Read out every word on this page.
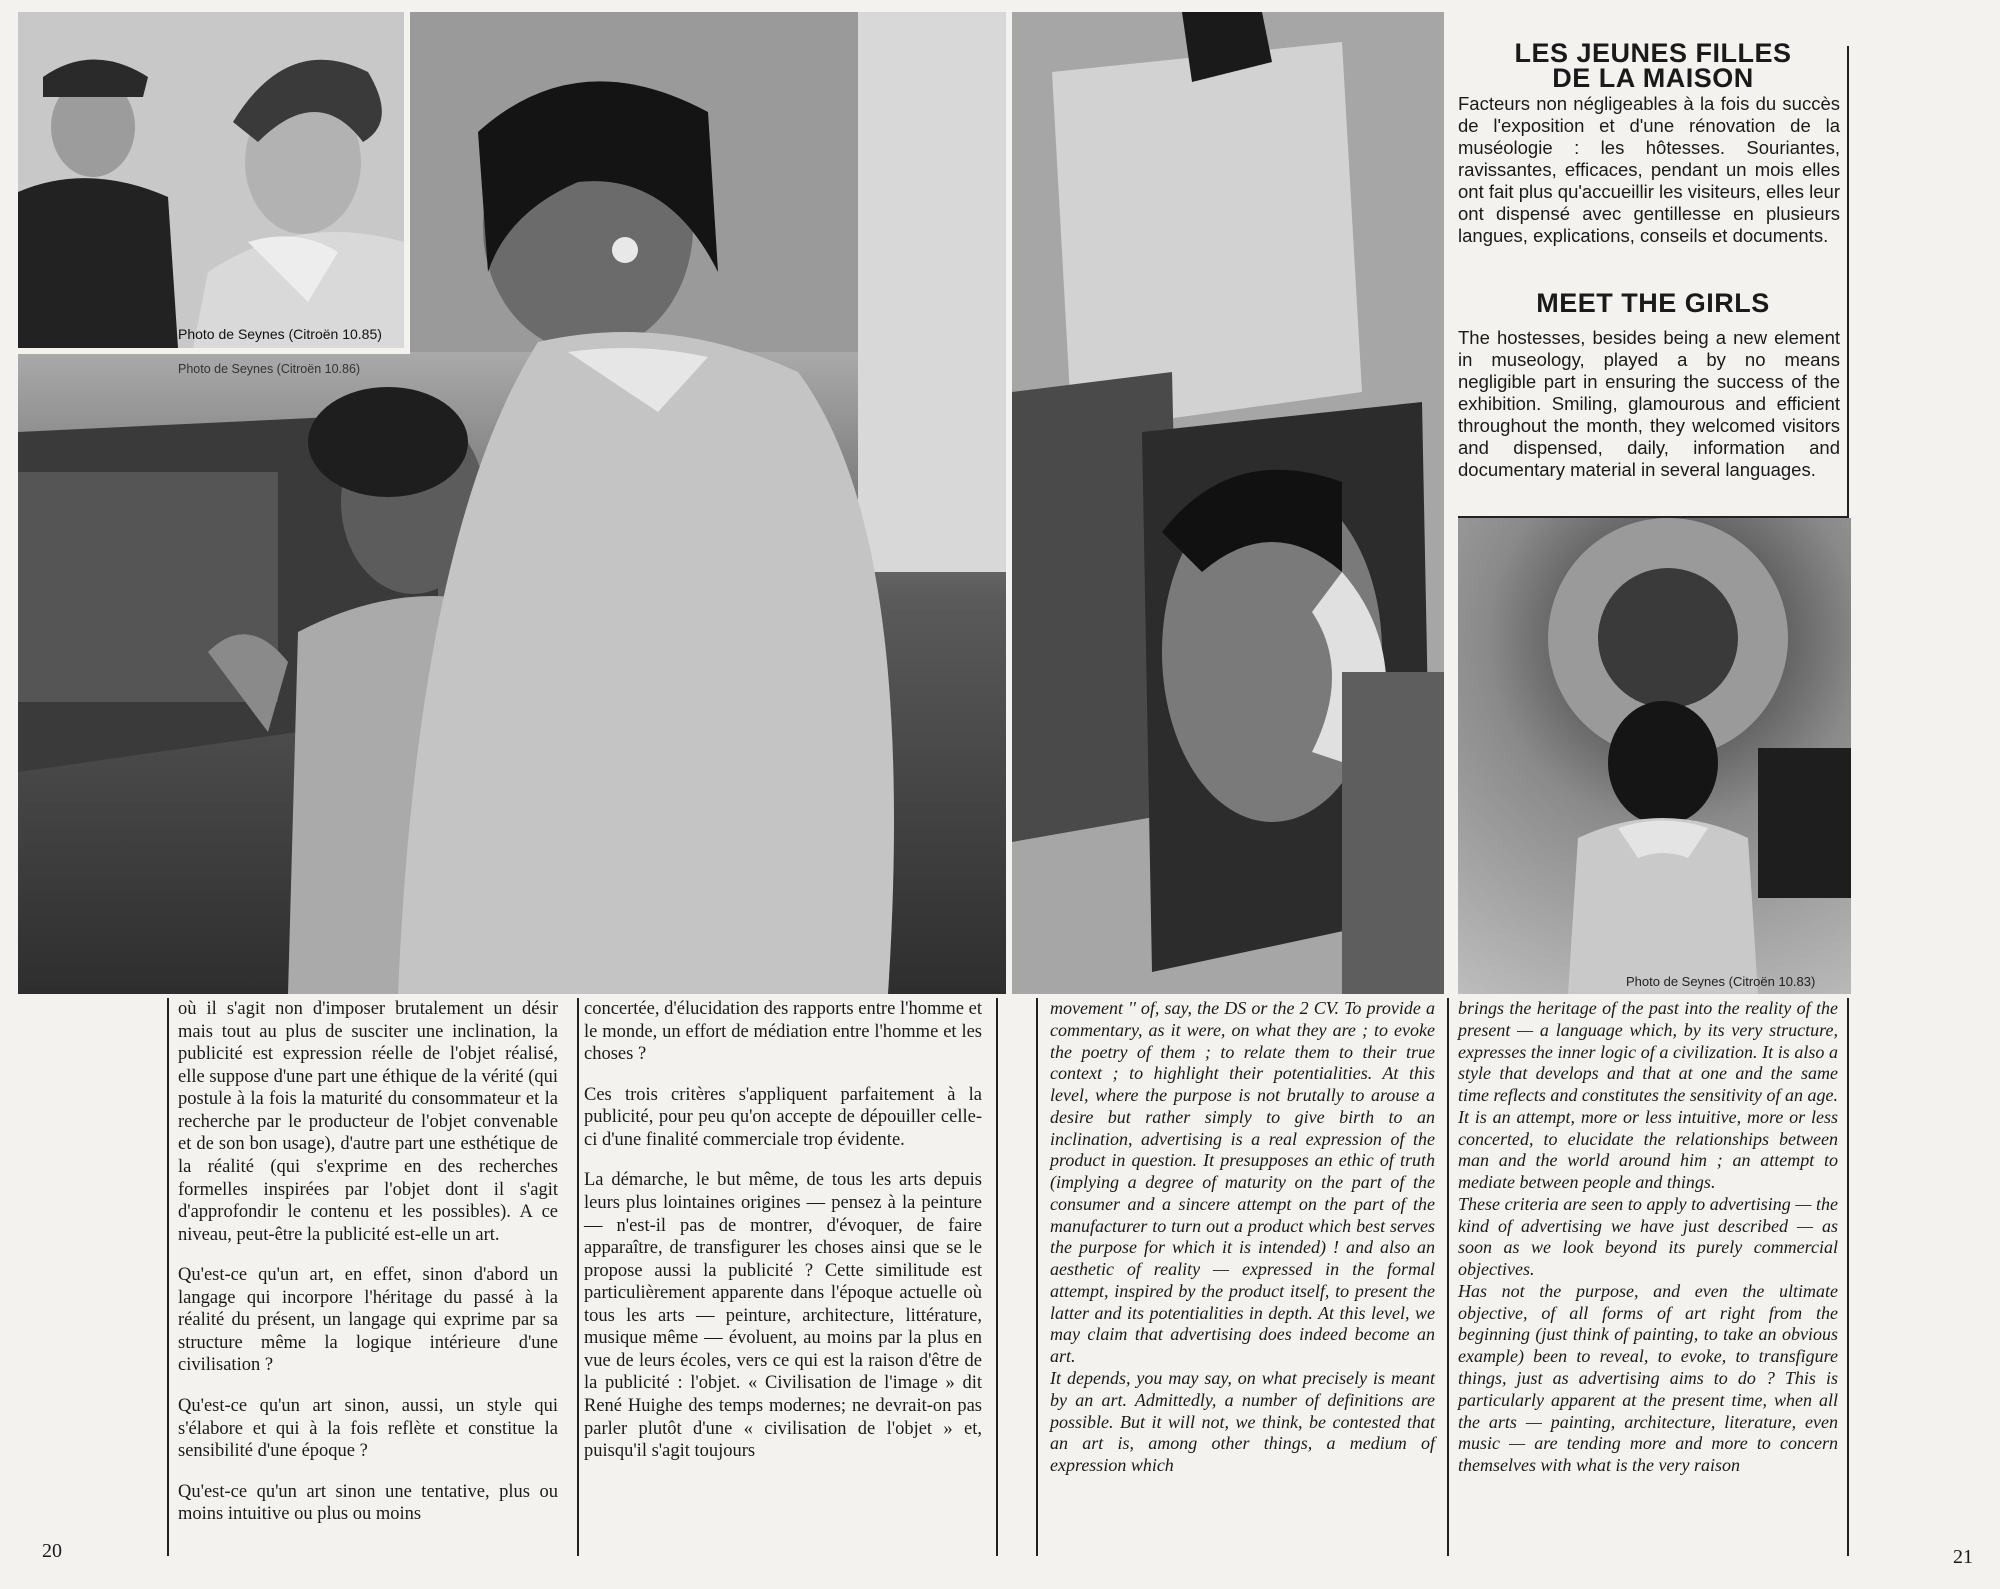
Photo de Seynes (Citroën 10.85)
Photo de Seynes (Citroën 10.86)
Photo de Seynes (Citroën 10.83)
LES JEUNES FILLES
DE LA MAISON

Facteurs non négligeables à la fois du succès de l'exposition et d'une rénovation de la muséologie : les hôtesses. Souriantes, ravissantes, efficaces, pendant un mois elles ont fait plus qu'accueillir les visiteurs, elles leur ont dispensé avec gentillesse en plusieurs langues, explications, conseils et documents.

MEET THE GIRLS

The hostesses, besides being a new element in museology, played a by no means negligible part in ensuring the success of the exhibition. Smiling, glamourous and efficient throughout the month, they welcomed visitors and dispensed, daily, information and documentary material in several languages.

où il s'agit non d'imposer brutalement un désir mais tout au plus de susciter une inclination, la publicité est expression réelle de l'objet réalisé, elle suppose d'une part une éthique de la vérité (qui postule à la fois la maturité du consommateur et la recherche par le producteur de l'objet convenable et de son bon usage), d'autre part une esthétique de la réalité (qui s'exprime en des recherches formelles inspirées par l'objet dont il s'agit d'approfondir le contenu et les possibles). A ce niveau, peut-être la publicité est-elle un art.

Qu'est-ce qu'un art, en effet, sinon d'abord un langage qui incorpore l'héritage du passé à la réalité du présent, un langage qui exprime par sa structure même la logique intérieure d'une civilisation ?

Qu'est-ce qu'un art sinon, aussi, un style qui s'élabore et qui à la fois reflète et constitue la sensibilité d'une époque ?

Qu'est-ce qu'un art sinon une tentative, plus ou moins intuitive ou plus ou moins

concertée, d'élucidation des rapports entre l'homme et le monde, un effort de médiation entre l'homme et les choses ?

Ces trois critères s'appliquent parfaitement à la publicité, pour peu qu'on accepte de dépouiller celle-ci d'une finalité commerciale trop évidente.

La démarche, le but même, de tous les arts depuis leurs plus lointaines origines — pensez à la peinture — n'est-il pas de montrer, d'évoquer, de faire apparaître, de transfigurer les choses ainsi que se le propose aussi la publicité ? Cette similitude est particulièrement apparente dans l'époque actuelle où tous les arts — peinture, architecture, littérature, musique même — évoluent, au moins par la plus en vue de leurs écoles, vers ce qui est la raison d'être de la publicité : l'objet. « Civilisation de l'image » dit René Huighe des temps modernes; ne devrait-on pas parler plutôt d'une « civilisation de l'objet » et, puisqu'il s'agit toujours

movement '' of, say, the DS or the 2 CV. To provide a commentary, as it were, on what they are ; to evoke the poetry of them ; to relate them to their true context ; to highlight their potentialities. At this level, where the purpose is not brutally to arouse a desire but rather simply to give birth to an inclination, advertising is a real expression of the product in question. It presupposes an ethic of truth (implying a degree of maturity on the part of the consumer and a sincere attempt on the part of the manufacturer to turn out a product which best serves the purpose for which it is intended) ! and also an aesthetic of reality — expressed in the formal attempt, inspired by the product itself, to present the latter and its potentialities in depth. At this level, we may claim that advertising does indeed become an art.

It depends, you may say, on what precisely is meant by an art. Admittedly, a number of definitions are possible. But it will not, we think, be contested that an art is, among other things, a medium of expression which

brings the heritage of the past into the reality of the present — a language which, by its very structure, expresses the inner logic of a civilization. It is also a style that develops and that at one and the same time reflects and constitutes the sensitivity of an age. It is an attempt, more or less intuitive, more or less concerted, to elucidate the relationships between man and the world around him ; an attempt to mediate between people and things.

These criteria are seen to apply to advertising — the kind of advertising we have just described — as soon as we look beyond its purely commercial objectives.

Has not the purpose, and even the ultimate objective, of all forms of art right from the beginning (just think of painting, to take an obvious example) been to reveal, to evoke, to transfigure things, just as advertising aims to do ? This is particularly apparent at the present time, when all the arts — painting, architecture, literature, even music — are tending more and more to concern themselves with what is the very raison

20	21
